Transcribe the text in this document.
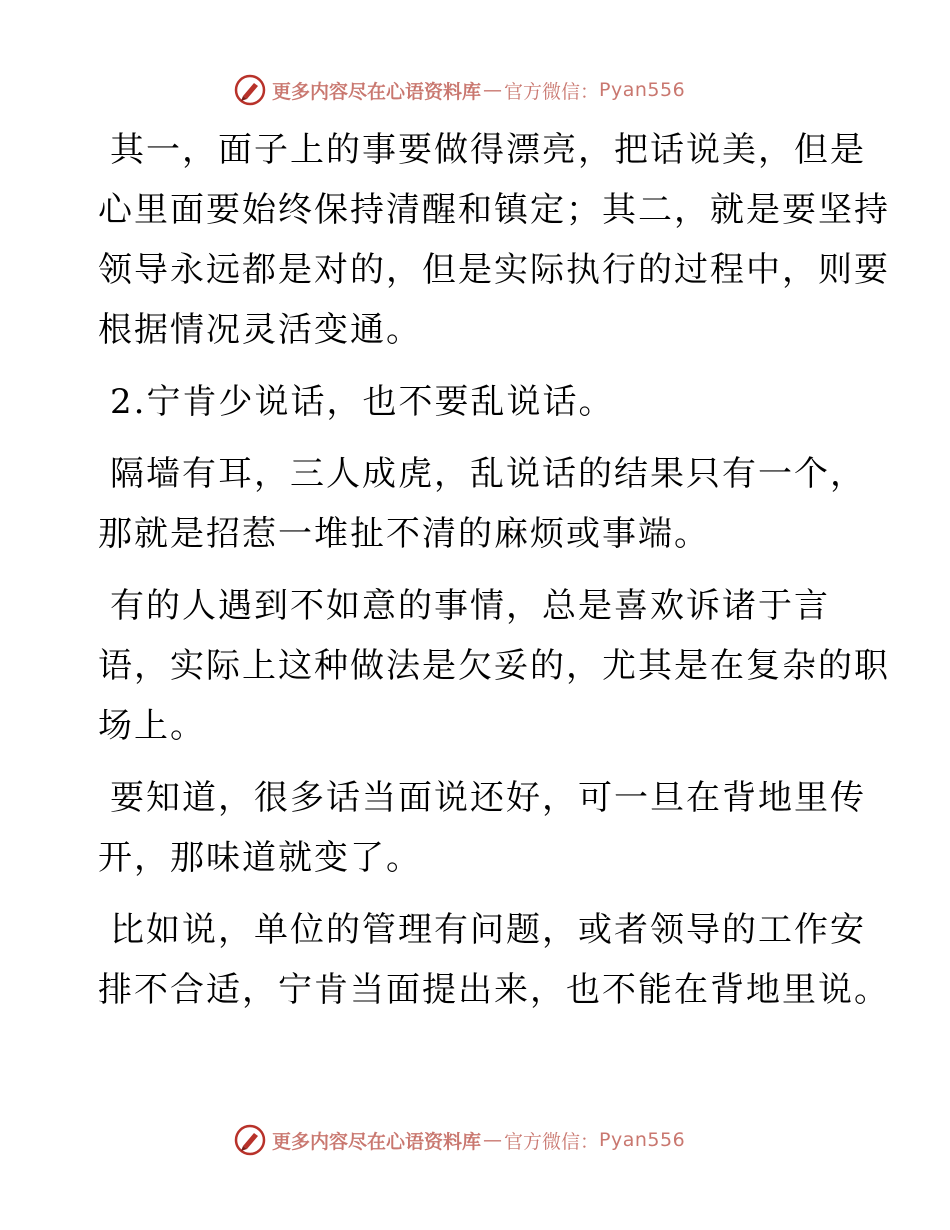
更多内容尽在心语资料库 — 官方微信： Pyan556

其一，面子上的事要做得漂亮，把话说美，但是
心里面要始终保持清醒和镇定；其二，就是要坚持
领导永远都是对的，但是实际执行的过程中，则要
根据情况灵活变通。

2.宁肯少说话，也不要乱说话。

隔墙有耳，三人成虎，乱说话的结果只有一个，
那就是招惹一堆扯不清的麻烦或事端。

有的人遇到不如意的事情，总是喜欢诉诸于言
语，实际上这种做法是欠妥的，尤其是在复杂的职
场上。

要知道，很多话当面说还好，可一旦在背地里传
开，那味道就变了。

比如说，单位的管理有问题，或者领导的工作安
排不合适，宁肯当面提出来，也不能在背地里说。

更多内容尽在心语资料库 — 官方微信： Pyan556
